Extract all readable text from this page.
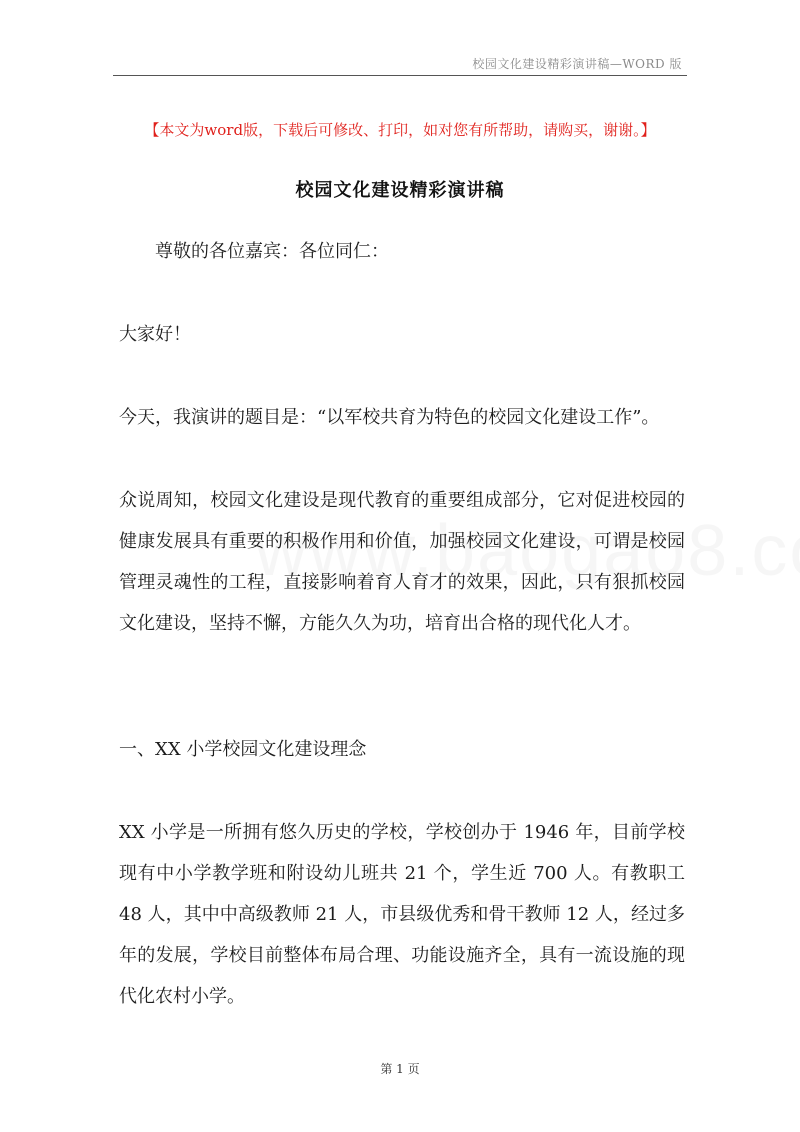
校园文化建设精彩演讲稿—WORD 版
【本文为word版，下载后可修改、打印，如对您有所帮助，请购买，谢谢。】
校园文化建设精彩演讲稿

尊敬的各位嘉宾：各位同仁：

大家好！

今天，我演讲的题目是：“以军校共育为特色的校园文化建设工作”。

众说周知，校园文化建设是现代教育的重要组成部分，它对促进校园的健康发展具有重要的积极作用和价值，加强校园文化建设，可谓是校园管理灵魂性的工程，直接影响着育人育才的效果，因此，只有狠抓校园文化建设，坚持不懈，方能久久为功，培育出合格的现代化人才。

一、XX 小学校园文化建设理念

XX 小学是一所拥有悠久历史的学校，学校创办于 1946 年，目前学校现有中小学教学班和附设幼儿班共 21 个，学生近 700 人。有教职工 48 人，其中中高级教师 21 人，市县级优秀和骨干教师 12 人，经过多年的发展，学校目前整体布局合理、功能设施齐全，具有一流设施的现代化农村小学。

第 1 页
